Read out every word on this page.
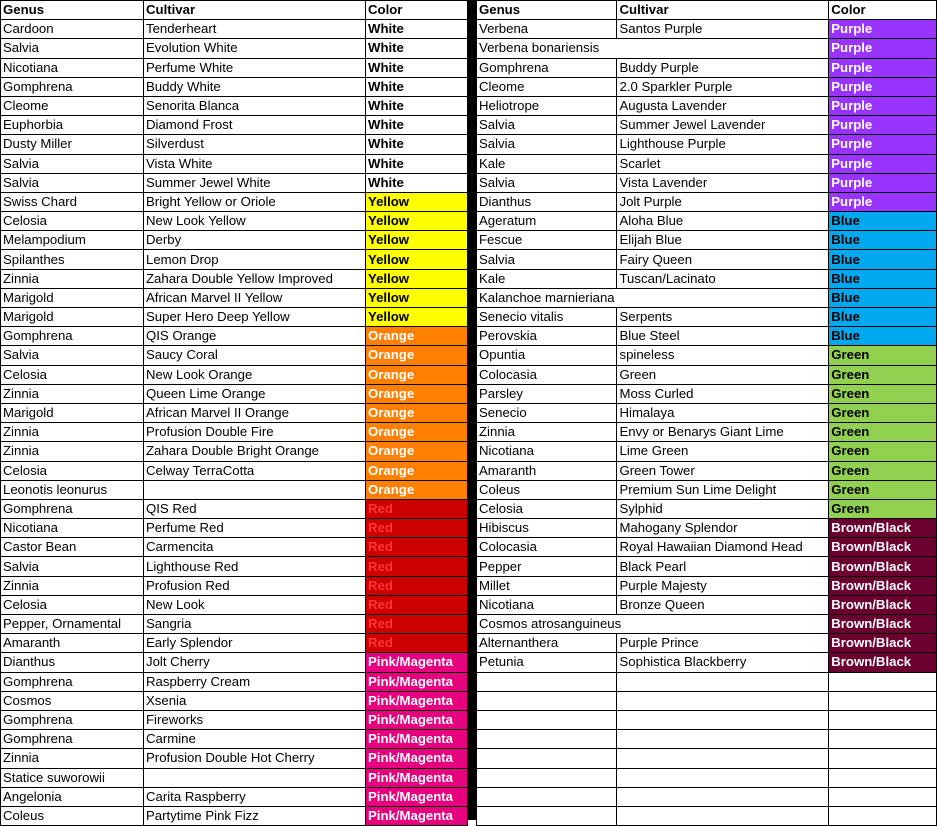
Genus	Cultivar	Color
Cardoon	Tenderheart	White
Salvia	Evolution White	White
Nicotiana	Perfume White	White
Gomphrena	Buddy White	White
Cleome	Senorita Blanca	White
Euphorbia	Diamond Frost	White
Dusty Miller	Silverdust	White
Salvia	Vista White	White
Salvia	Summer Jewel White	White
Swiss Chard	Bright Yellow or Oriole	Yellow
Celosia	New Look Yellow	Yellow
Melampodium	Derby	Yellow
Spilanthes	Lemon Drop	Yellow
Zinnia	Zahara Double Yellow Improved	Yellow
Marigold	African Marvel II Yellow	Yellow
Marigold	Super Hero Deep Yellow	Yellow
Gomphrena	QIS Orange	Orange
Salvia	Saucy Coral	Orange
Celosia	New Look Orange	Orange
Zinnia	Queen Lime Orange	Orange
Marigold	African Marvel II Orange	Orange
Zinnia	Profusion Double Fire	Orange
Zinnia	Zahara Double Bright Orange	Orange
Celosia	Celway TerraCotta	Orange
Leonotis leonurus		Orange
Gomphrena	QIS Red	Red
Nicotiana	Perfume Red	Red
Castor Bean	Carmencita	Red
Salvia	Lighthouse Red	Red
Zinnia	Profusion Red	Red
Celosia	New Look	Red
Pepper, Ornamental	Sangria	Red
Amaranth	Early Splendor	Red
Dianthus	Jolt Cherry	Pink/Magenta
Gomphrena	Raspberry Cream	Pink/Magenta
Cosmos	Xsenia	Pink/Magenta
Gomphrena	Fireworks	Pink/Magenta
Gomphrena	Carmine	Pink/Magenta
Zinnia	Profusion Double Hot Cherry	Pink/Magenta
Statice suworowii		Pink/Magenta
Angelonia	Carita Raspberry	Pink/Magenta
Coleus	Partytime Pink Fizz	Pink/Magenta
Genus	Cultivar	Color
Verbena	Santos Purple	Purple
Verbena bonariensis		Purple
Gomphrena	Buddy Purple	Purple
Cleome	2.0 Sparkler Purple	Purple
Heliotrope	Augusta Lavender	Purple
Salvia	Summer Jewel Lavender	Purple
Salvia	Lighthouse Purple	Purple
Kale	Scarlet	Purple
Salvia	Vista Lavender	Purple
Dianthus	Jolt Purple	Purple
Ageratum	Aloha Blue	Blue
Fescue	Elijah Blue	Blue
Salvia	Fairy Queen	Blue
Kale	Tuscan/Lacinato	Blue
Kalanchoe marnieriana		Blue
Senecio vitalis	Serpents	Blue
Perovskia	Blue Steel	Blue
Opuntia	spineless	Green
Colocasia	Green	Green
Parsley	Moss Curled	Green
Senecio	Himalaya	Green
Zinnia	Envy or Benarys Giant Lime	Green
Nicotiana	Lime Green	Green
Amaranth	Green Tower	Green
Coleus	Premium Sun Lime Delight	Green
Celosia	Sylphid	Green
Hibiscus	Mahogany Splendor	Brown/Black
Colocasia	Royal Hawaiian Diamond Head	Brown/Black
Pepper	Black Pearl	Brown/Black
Millet	Purple Majesty	Brown/Black
Nicotiana	Bronze Queen	Brown/Black
Cosmos atrosanguineus		Brown/Black
Alternanthera	Purple Prince	Brown/Black
Petunia	Sophistica Blackberry	Brown/Black
